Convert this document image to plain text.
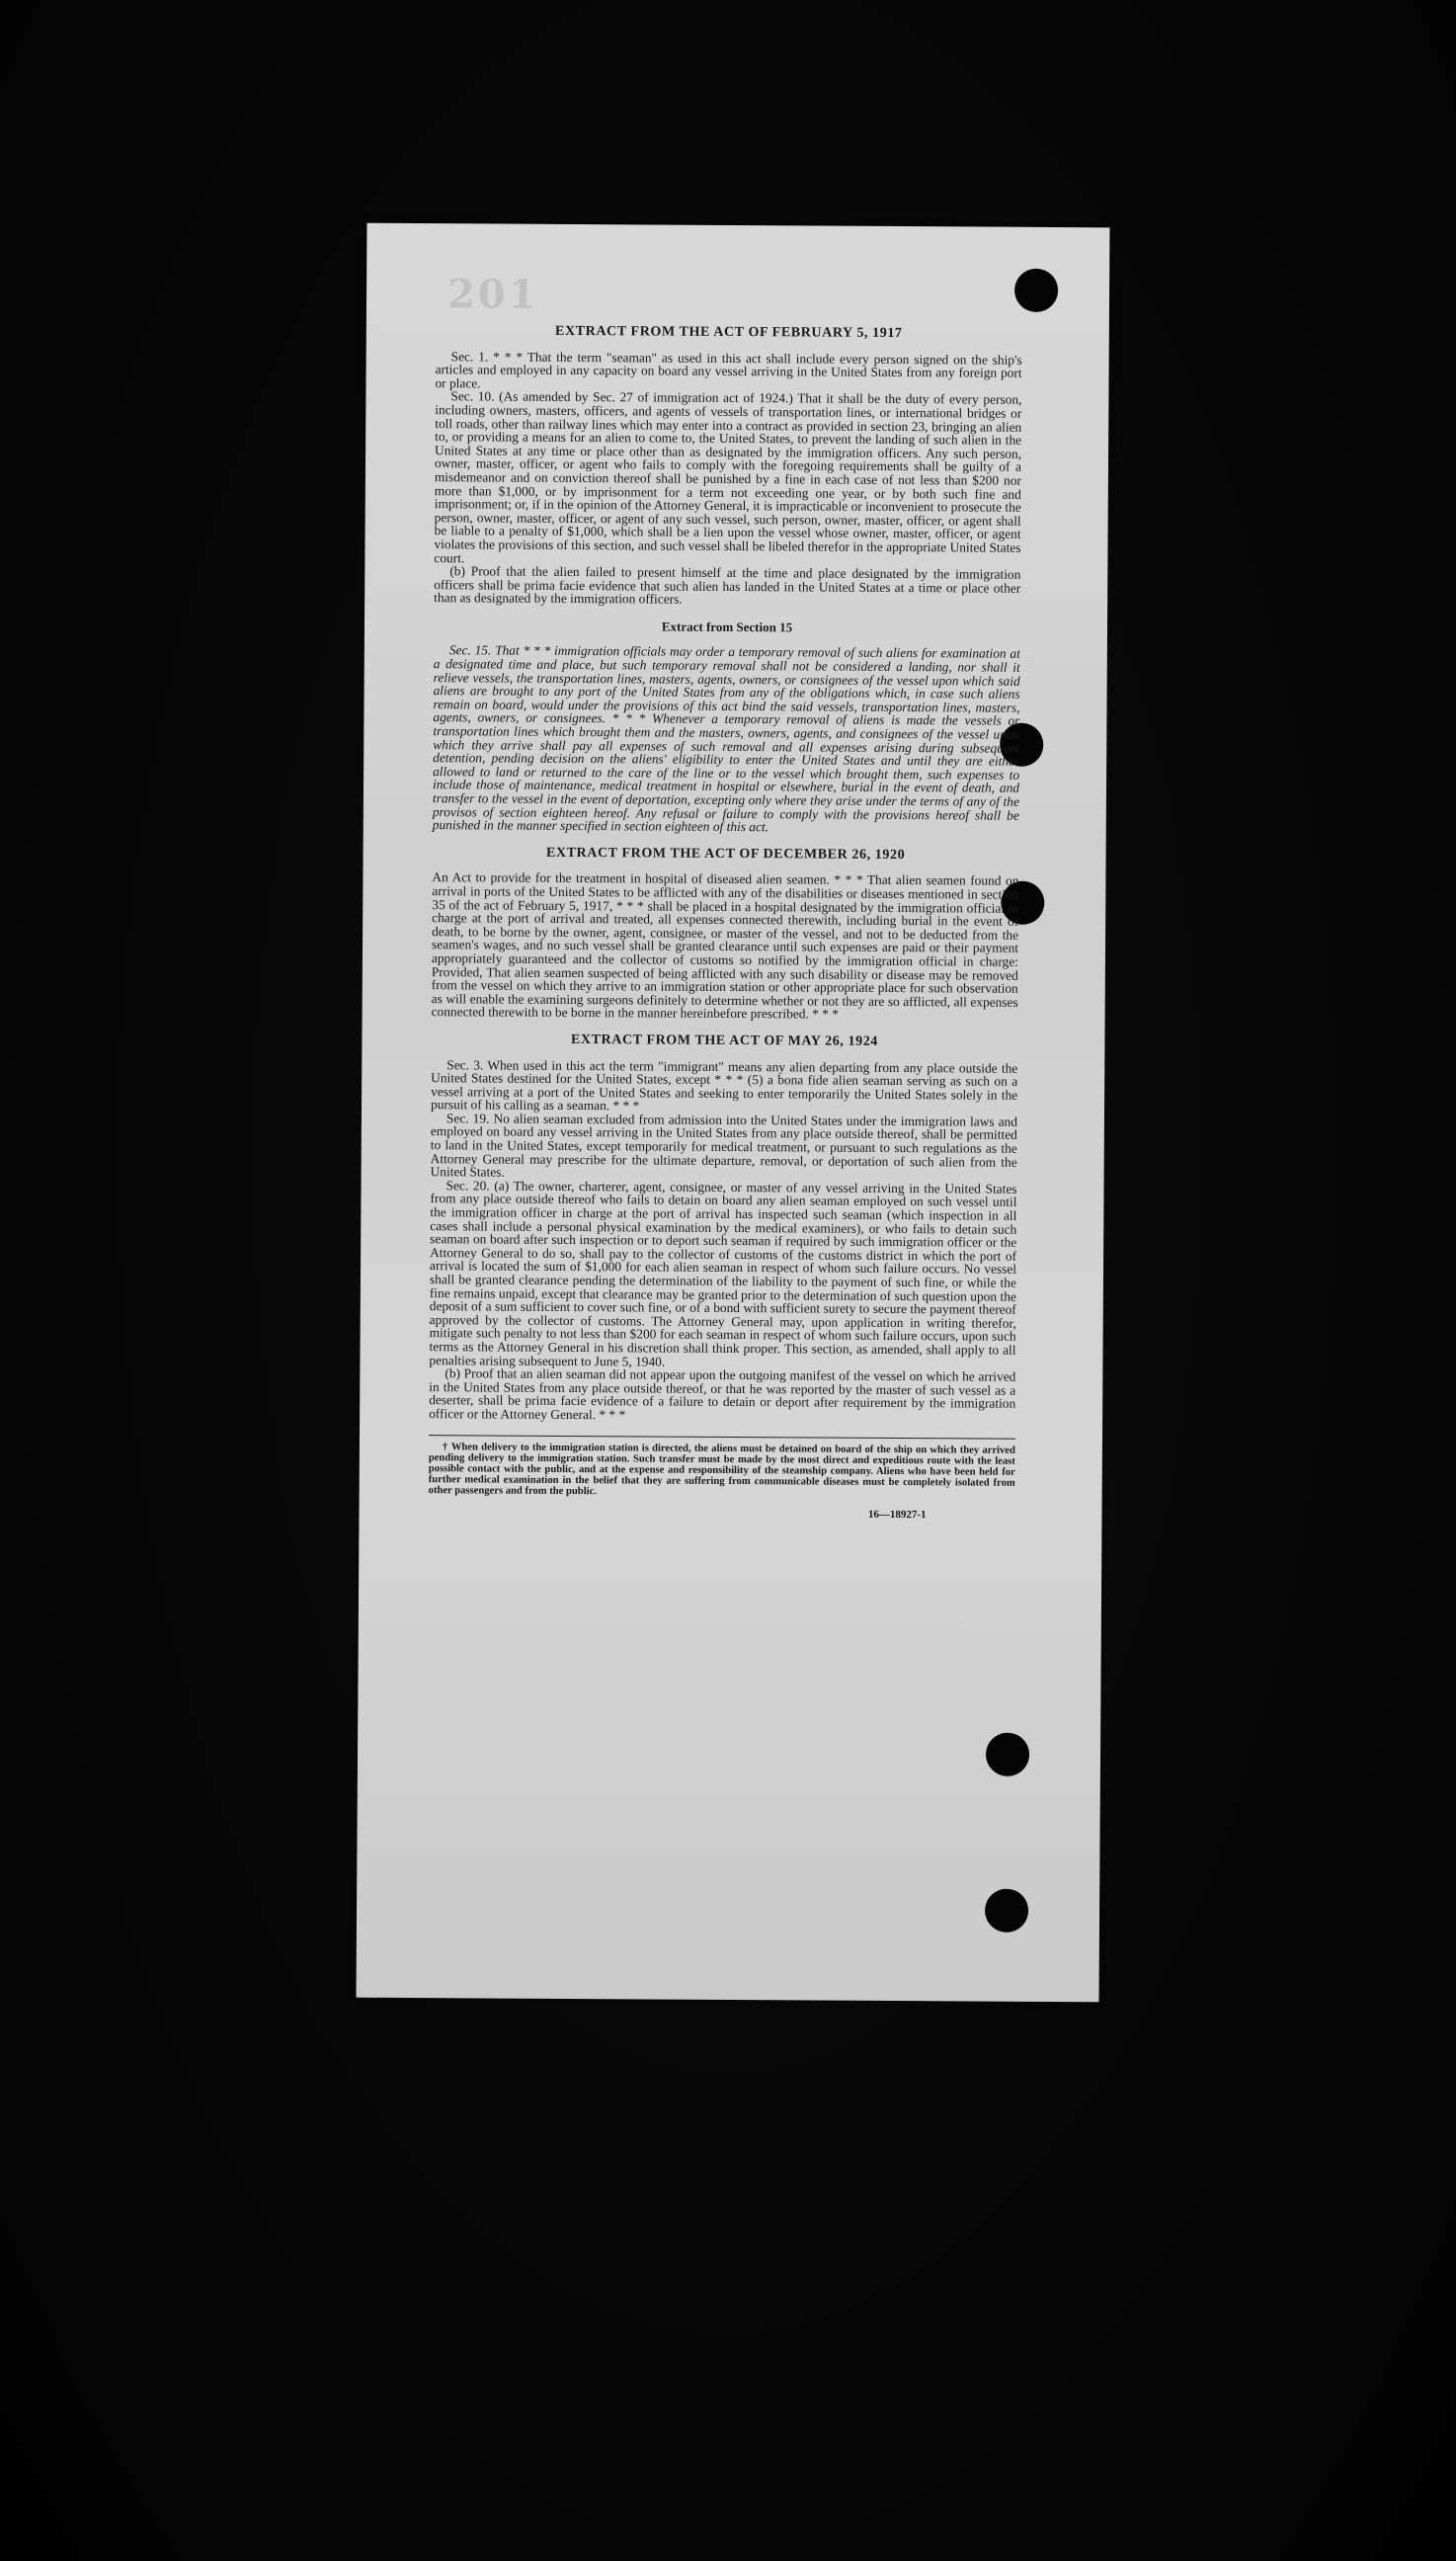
201
EXTRACT FROM THE ACT OF FEBRUARY 5, 1917

Sec. 1. * * * That the term "seaman" as used in this act shall include every person signed on the ship's articles and employed in any capacity on board any vessel arriving in the United States from any foreign port or place.

Sec. 10. (As amended by Sec. 27 of immigration act of 1924.) That it shall be the duty of every person, including owners, masters, officers, and agents of vessels of transportation lines, or international bridges or toll roads, other than railway lines which may enter into a contract as provided in section 23, bringing an alien to, or providing a means for an alien to come to, the United States, to prevent the landing of such alien in the United States at any time or place other than as designated by the immigration officers. Any such person, owner, master, officer, or agent who fails to comply with the foregoing requirements shall be guilty of a misdemeanor and on conviction thereof shall be punished by a fine in each case of not less than $200 nor more than $1,000, or by imprisonment for a term not exceeding one year, or by both such fine and imprisonment; or, if in the opinion of the Attorney General, it is impracticable or inconvenient to prosecute the person, owner, master, officer, or agent of any such vessel, such person, owner, master, officer, or agent shall be liable to a penalty of $1,000, which shall be a lien upon the vessel whose owner, master, officer, or agent violates the provisions of this section, and such vessel shall be libeled therefor in the appropriate United States court.

(b) Proof that the alien failed to present himself at the time and place designated by the immigration officers shall be prima facie evidence that such alien has landed in the United States at a time or place other than as designated by the immigration officers.

Extract from Section 15

Sec. 15. That * * * immigration officials may order a temporary removal of such aliens for examination at a designated time and place, but such temporary removal shall not be considered a landing, nor shall it relieve vessels, the transportation lines, masters, agents, owners, or consignees of the vessel upon which said aliens are brought to any port of the United States from any of the obligations which, in case such aliens remain on board, would under the provisions of this act bind the said vessels, transportation lines, masters, agents, owners, or consignees. * * * Whenever a temporary removal of aliens is made the vessels or transportation lines which brought them and the masters, owners, agents, and consignees of the vessel upon which they arrive shall pay all expenses of such removal and all expenses arising during subsequent detention, pending decision on the aliens' eligibility to enter the United States and until they are either allowed to land or returned to the care of the line or to the vessel which brought them, such expenses to include those of maintenance, medical treatment in hospital or elsewhere, burial in the event of death, and transfer to the vessel in the event of deportation, excepting only where they arise under the terms of any of the provisos of section eighteen hereof. Any refusal or failure to comply with the provisions hereof shall be punished in the manner specified in section eighteen of this act.

EXTRACT FROM THE ACT OF DECEMBER 26, 1920

An Act to provide for the treatment in hospital of diseased alien seamen. * * * That alien seamen found on arrival in ports of the United States to be afflicted with any of the disabilities or diseases mentioned in section 35 of the act of February 5, 1917, * * * shall be placed in a hospital designated by the immigration official in charge at the port of arrival and treated, all expenses connected therewith, including burial in the event of death, to be borne by the owner, agent, consignee, or master of the vessel, and not to be deducted from the seamen's wages, and no such vessel shall be granted clearance until such expenses are paid or their payment appropriately guaranteed and the collector of customs so notified by the immigration official in charge: Provided, That alien seamen suspected of being afflicted with any such disability or disease may be removed from the vessel on which they arrive to an immigration station or other appropriate place for such observation as will enable the examining surgeons definitely to determine whether or not they are so afflicted, all expenses connected therewith to be borne in the manner hereinbefore prescribed. * * *

EXTRACT FROM THE ACT OF MAY 26, 1924

Sec. 3. When used in this act the term "immigrant" means any alien departing from any place outside the United States destined for the United States, except * * * (5) a bona fide alien seaman serving as such on a vessel arriving at a port of the United States and seeking to enter temporarily the United States solely in the pursuit of his calling as a seaman. * * *

Sec. 19. No alien seaman excluded from admission into the United States under the immigration laws and employed on board any vessel arriving in the United States from any place outside thereof, shall be permitted to land in the United States, except temporarily for medical treatment, or pursuant to such regulations as the Attorney General may prescribe for the ultimate departure, removal, or deportation of such alien from the United States.

Sec. 20. (a) The owner, charterer, agent, consignee, or master of any vessel arriving in the United States from any place outside thereof who fails to detain on board any alien seaman employed on such vessel until the immigration officer in charge at the port of arrival has inspected such seaman (which inspection in all cases shall include a personal physical examination by the medical examiners), or who fails to detain such seaman on board after such inspection or to deport such seaman if required by such immigration officer or the Attorney General to do so, shall pay to the collector of customs of the customs district in which the port of arrival is located the sum of $1,000 for each alien seaman in respect of whom such failure occurs. No vessel shall be granted clearance pending the determination of the liability to the payment of such fine, or while the fine remains unpaid, except that clearance may be granted prior to the determination of such question upon the deposit of a sum sufficient to cover such fine, or of a bond with sufficient surety to secure the payment thereof approved by the collector of customs. The Attorney General may, upon application in writing therefor, mitigate such penalty to not less than $200 for each seaman in respect of whom such failure occurs, upon such terms as the Attorney General in his discretion shall think proper. This section, as amended, shall apply to all penalties arising subsequent to June 5, 1940.

(b) Proof that an alien seaman did not appear upon the outgoing manifest of the vessel on which he arrived in the United States from any place outside thereof, or that he was reported by the master of such vessel as a deserter, shall be prima facie evidence of a failure to detain or deport after requirement by the immigration officer or the Attorney General. * * *

† When delivery to the immigration station is directed, the aliens must be detained on board of the ship on which they arrived pending delivery to the immigration station. Such transfer must be made by the most direct and expeditious route with the least possible contact with the public, and at the expense and responsibility of the steamship company. Aliens who have been held for further medical examination in the belief that they are suffering from communicable diseases must be completely isolated from other passengers and from the public.

16—18927-1
